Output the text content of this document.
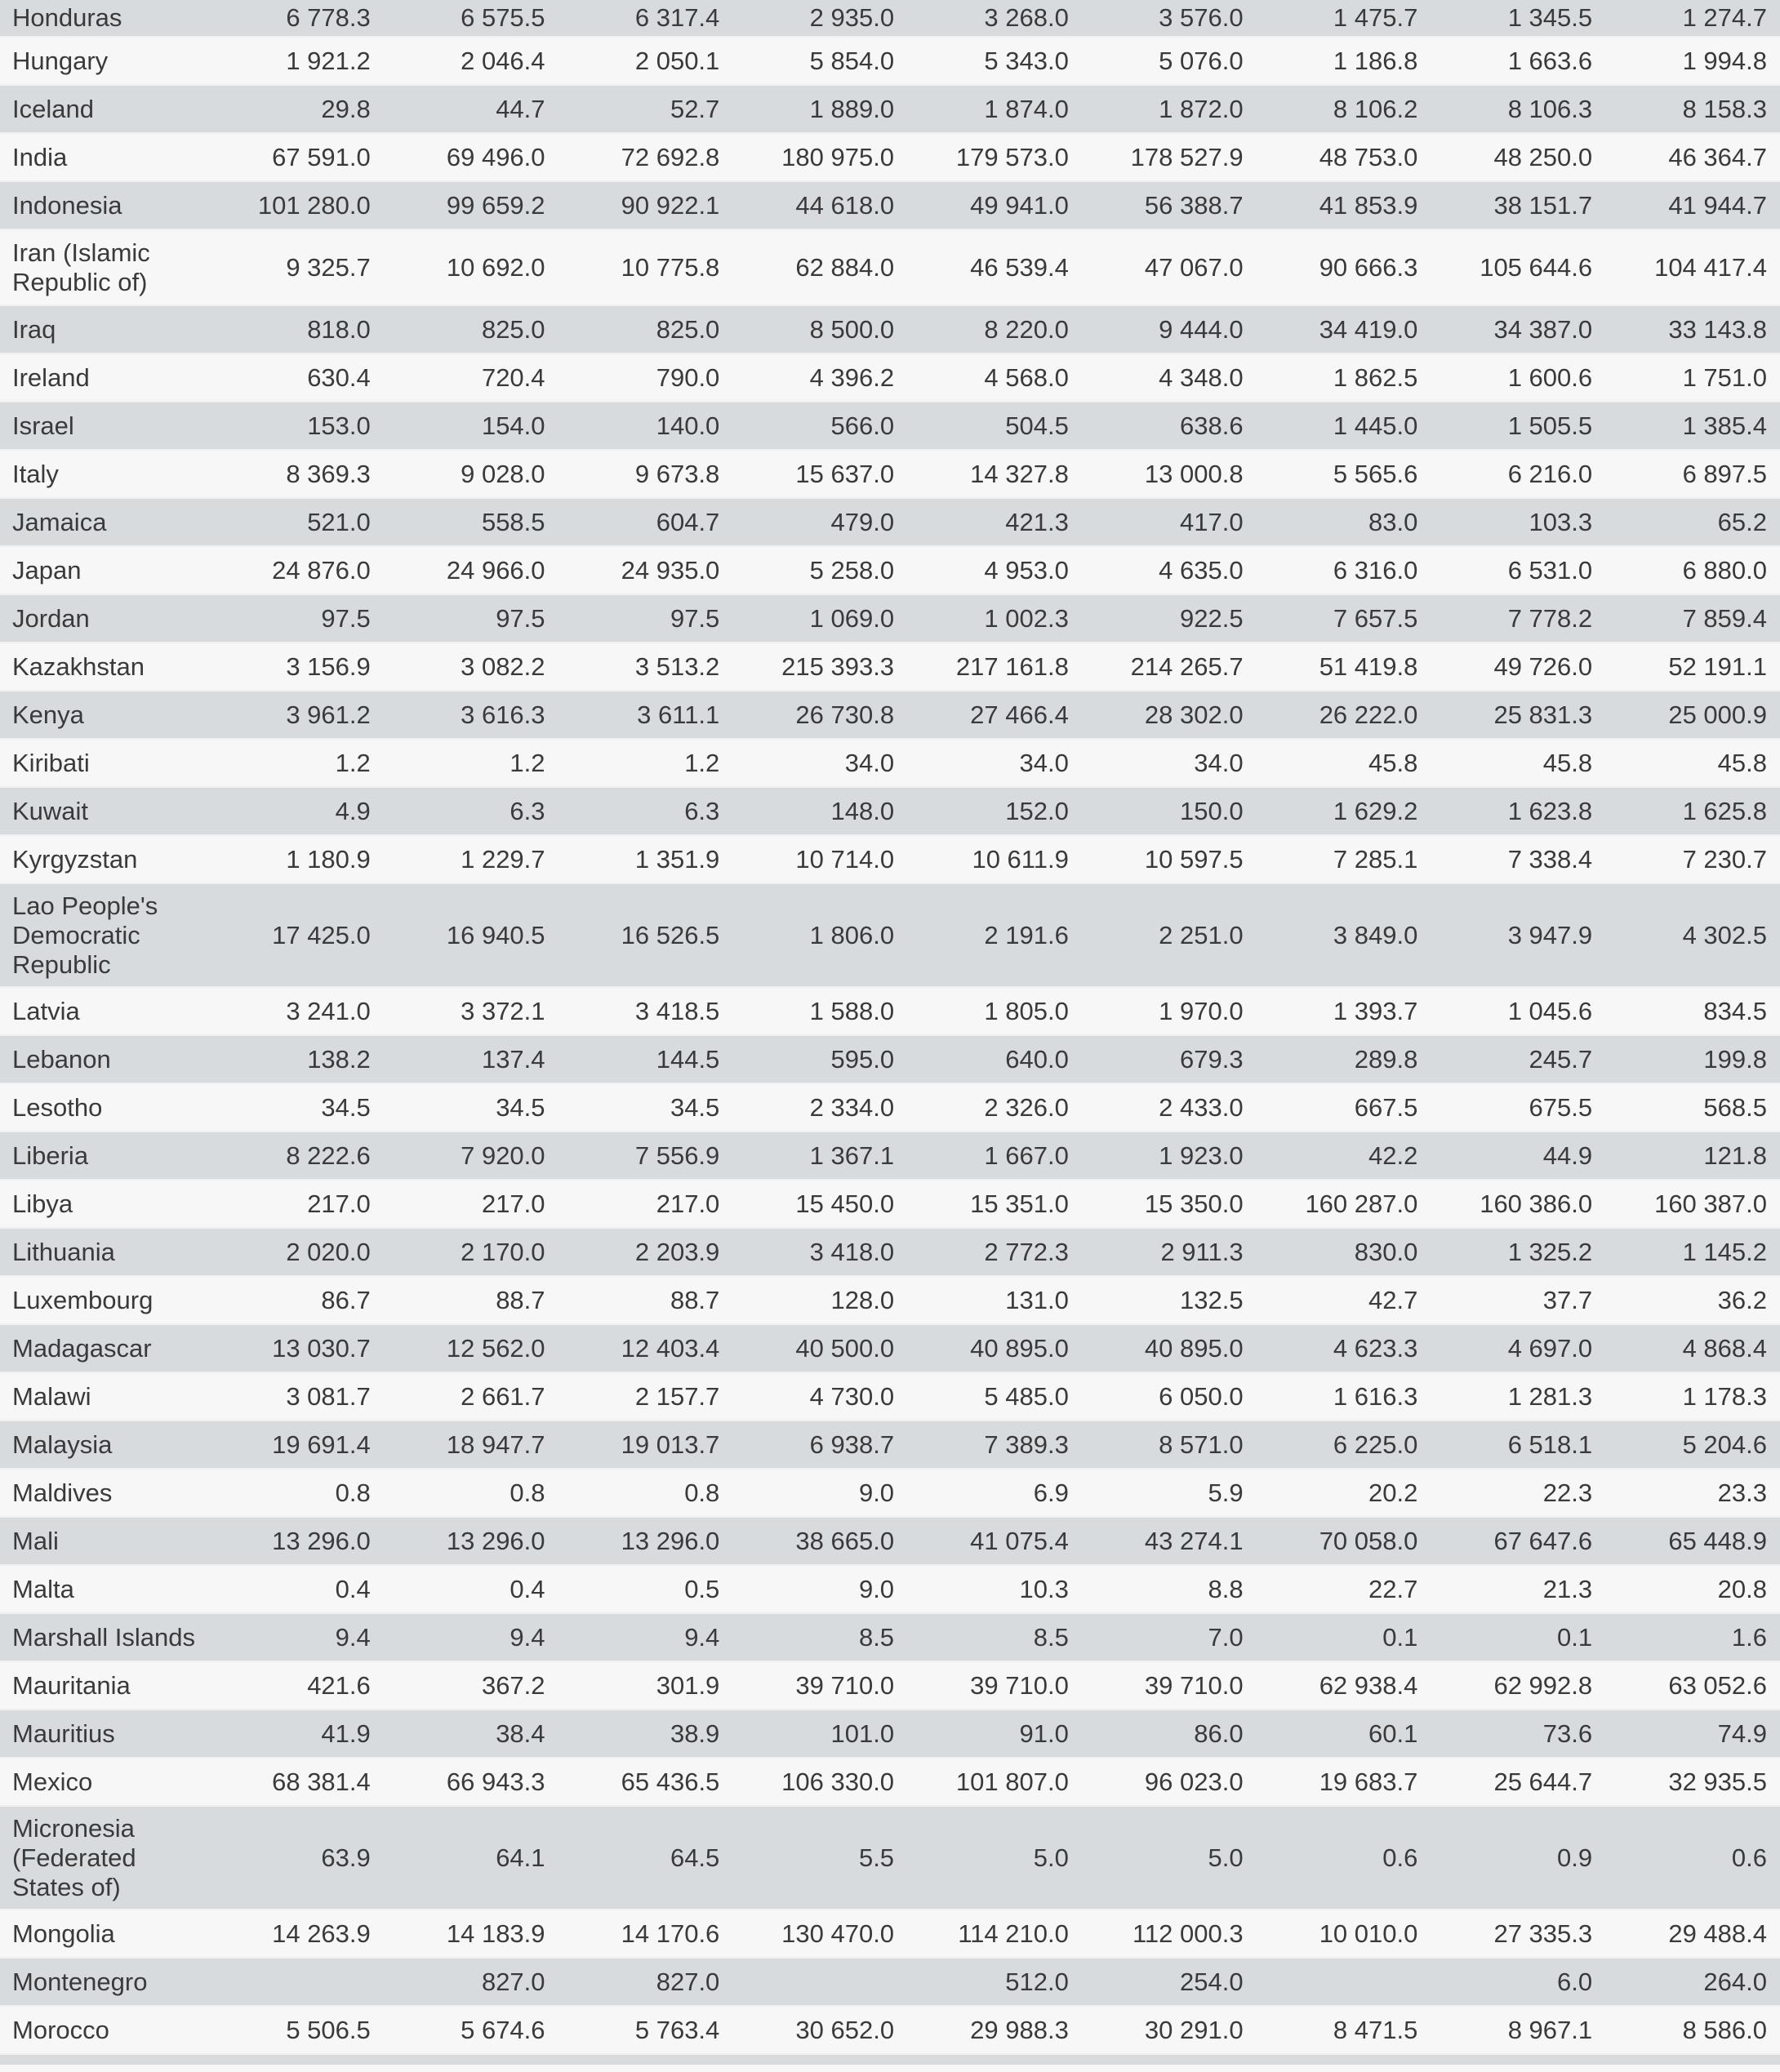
Honduras	6 778.3	6 575.5	6 317.4	2 935.0	3 268.0	3 576.0	1 475.7	1 345.5	1 274.7
Hungary	1 921.2	2 046.4	2 050.1	5 854.0	5 343.0	5 076.0	1 186.8	1 663.6	1 994.8
Iceland	29.8	44.7	52.7	1 889.0	1 874.0	1 872.0	8 106.2	8 106.3	8 158.3
India	67 591.0	69 496.0	72 692.8	180 975.0	179 573.0	178 527.9	48 753.0	48 250.0	46 364.7
Indonesia	101 280.0	99 659.2	90 922.1	44 618.0	49 941.0	56 388.7	41 853.9	38 151.7	41 944.7
Iran (Islamic Republic of)	9 325.7	10 692.0	10 775.8	62 884.0	46 539.4	47 067.0	90 666.3	105 644.6	104 417.4
Iraq	818.0	825.0	825.0	8 500.0	8 220.0	9 444.0	34 419.0	34 387.0	33 143.8
Ireland	630.4	720.4	790.0	4 396.2	4 568.0	4 348.0	1 862.5	1 600.6	1 751.0
Israel	153.0	154.0	140.0	566.0	504.5	638.6	1 445.0	1 505.5	1 385.4
Italy	8 369.3	9 028.0	9 673.8	15 637.0	14 327.8	13 000.8	5 565.6	6 216.0	6 897.5
Jamaica	521.0	558.5	604.7	479.0	421.3	417.0	83.0	103.3	65.2
Japan	24 876.0	24 966.0	24 935.0	5 258.0	4 953.0	4 635.0	6 316.0	6 531.0	6 880.0
Jordan	97.5	97.5	97.5	1 069.0	1 002.3	922.5	7 657.5	7 778.2	7 859.4
Kazakhstan	3 156.9	3 082.2	3 513.2	215 393.3	217 161.8	214 265.7	51 419.8	49 726.0	52 191.1
Kenya	3 961.2	3 616.3	3 611.1	26 730.8	27 466.4	28 302.0	26 222.0	25 831.3	25 000.9
Kiribati	1.2	1.2	1.2	34.0	34.0	34.0	45.8	45.8	45.8
Kuwait	4.9	6.3	6.3	148.0	152.0	150.0	1 629.2	1 623.8	1 625.8
Kyrgyzstan	1 180.9	1 229.7	1 351.9	10 714.0	10 611.9	10 597.5	7 285.1	7 338.4	7 230.7
Lao People's Democratic Republic	17 425.0	16 940.5	16 526.5	1 806.0	2 191.6	2 251.0	3 849.0	3 947.9	4 302.5
Latvia	3 241.0	3 372.1	3 418.5	1 588.0	1 805.0	1 970.0	1 393.7	1 045.6	834.5
Lebanon	138.2	137.4	144.5	595.0	640.0	679.3	289.8	245.7	199.8
Lesotho	34.5	34.5	34.5	2 334.0	2 326.0	2 433.0	667.5	675.5	568.5
Liberia	8 222.6	7 920.0	7 556.9	1 367.1	1 667.0	1 923.0	42.2	44.9	121.8
Libya	217.0	217.0	217.0	15 450.0	15 351.0	15 350.0	160 287.0	160 386.0	160 387.0
Lithuania	2 020.0	2 170.0	2 203.9	3 418.0	2 772.3	2 911.3	830.0	1 325.2	1 145.2
Luxembourg	86.7	88.7	88.7	128.0	131.0	132.5	42.7	37.7	36.2
Madagascar	13 030.7	12 562.0	12 403.4	40 500.0	40 895.0	40 895.0	4 623.3	4 697.0	4 868.4
Malawi	3 081.7	2 661.7	2 157.7	4 730.0	5 485.0	6 050.0	1 616.3	1 281.3	1 178.3
Malaysia	19 691.4	18 947.7	19 013.7	6 938.7	7 389.3	8 571.0	6 225.0	6 518.1	5 204.6
Maldives	0.8	0.8	0.8	9.0	6.9	5.9	20.2	22.3	23.3
Mali	13 296.0	13 296.0	13 296.0	38 665.0	41 075.4	43 274.1	70 058.0	67 647.6	65 448.9
Malta	0.4	0.4	0.5	9.0	10.3	8.8	22.7	21.3	20.8
Marshall Islands	9.4	9.4	9.4	8.5	8.5	7.0	0.1	0.1	1.6
Mauritania	421.6	367.2	301.9	39 710.0	39 710.0	39 710.0	62 938.4	62 992.8	63 052.6
Mauritius	41.9	38.4	38.9	101.0	91.0	86.0	60.1	73.6	74.9
Mexico	68 381.4	66 943.3	65 436.5	106 330.0	101 807.0	96 023.0	19 683.7	25 644.7	32 935.5
Micronesia (Federated States of)	63.9	64.1	64.5	5.5	5.0	5.0	0.6	0.9	0.6
Mongolia	14 263.9	14 183.9	14 170.6	130 470.0	114 210.0	112 000.3	10 010.0	27 335.3	29 488.4
Montenegro		827.0	827.0		512.0	254.0		6.0	264.0
Morocco	5 506.5	5 674.6	5 763.4	30 652.0	29 988.3	30 291.0	8 471.5	8 967.1	8 586.0
